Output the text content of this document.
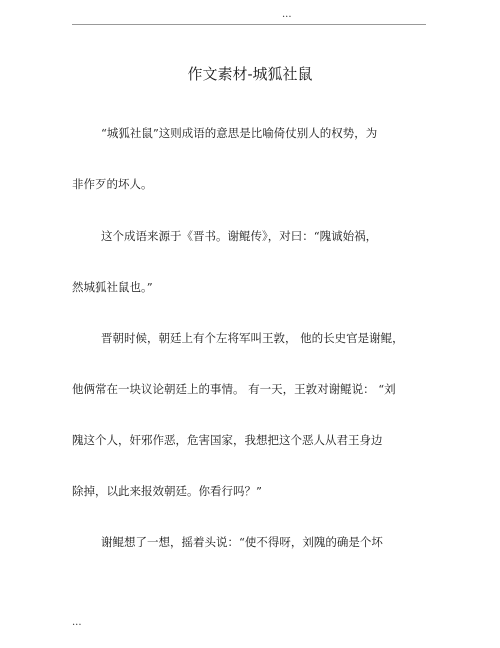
...
作文素材-城狐社鼠
“城狐社鼠”这则成语的意思是比喻倚仗别人的权势，为
非作歹的坏人。
这个成语来源于《晋书。谢鲲传》，对曰：“隗诚始祸，
然城狐社鼠也。”
晋朝时候，朝廷上有个左将军叫王敦， 他的长史官是谢鲲，
他俩常在一块议论朝廷上的事情。 有一天，王敦对谢鲲说： “刘
隗这个人，奸邪作恶，危害国家，我想把这个恶人从君王身边
除掉，以此来报效朝廷。你看行吗？”
谢鲲想了一想，摇着头说：“使不得呀，刘隗的确是个坏
...
